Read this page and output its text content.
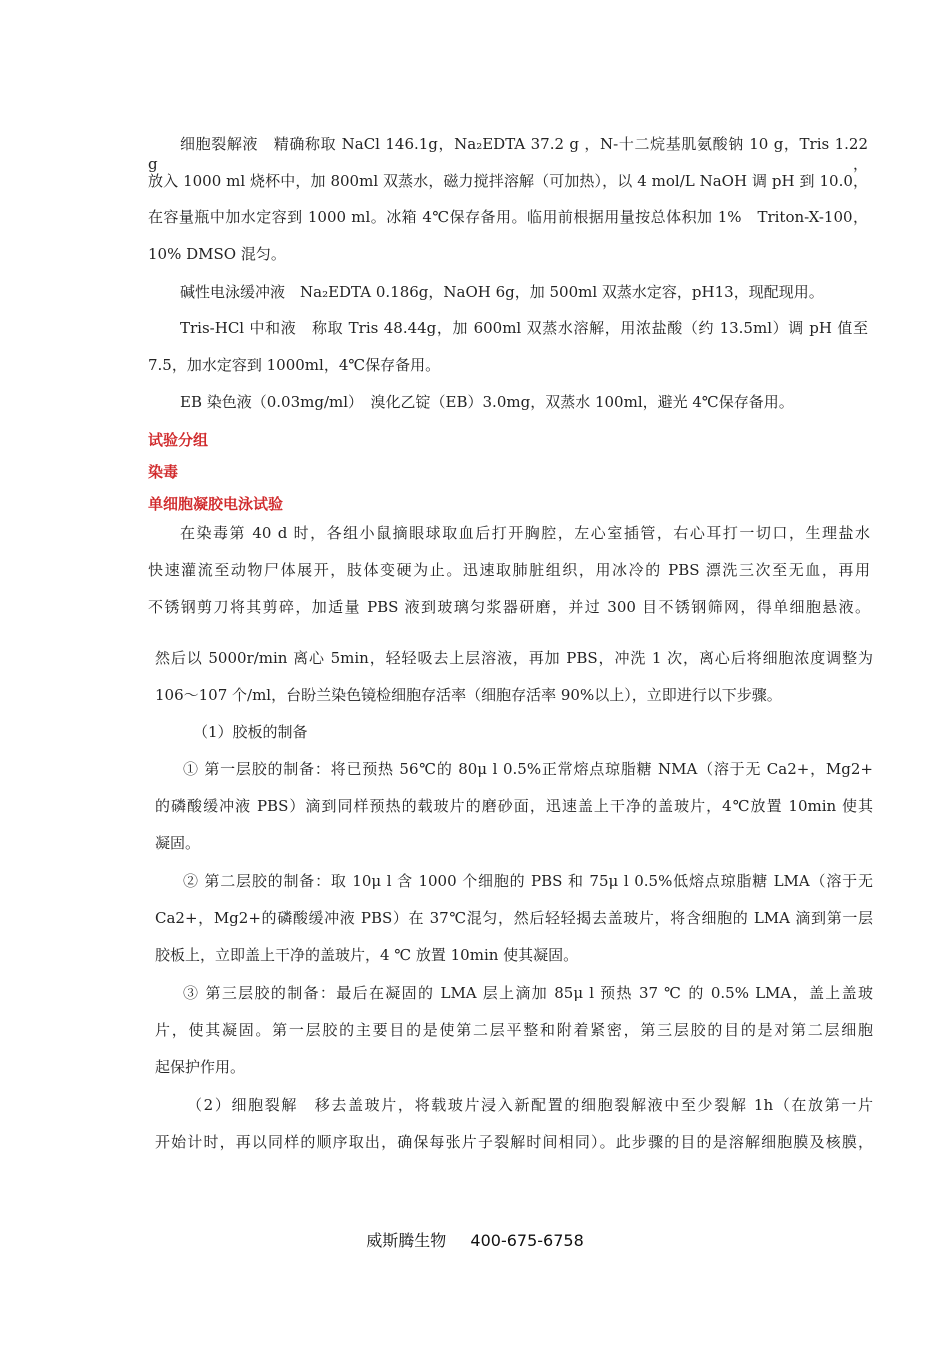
细胞裂解液　精确称取 NaCl 146.1g，Na₂EDTA 37.2 g ，N-十二烷基肌氨酸钠 10 g，Tris 1.22 g，
放入 1000 ml 烧杯中，加 800ml 双蒸水，磁力搅拌溶解（可加热），以 4 mol/L NaOH 调 pH 到 10.0，
在容量瓶中加水定容到 1000 ml。冰箱 4℃保存备用。临用前根据用量按总体积加 1%　Triton-X-100，
10% DMSO 混匀。
碱性电泳缓冲液　Na₂EDTA 0.186g，NaOH 6g，加 500ml 双蒸水定容，pH13，现配现用。
Tris-HCl 中和液　称取 Tris 48.44g，加 600ml 双蒸水溶解，用浓盐酸（约 13.5ml）调 pH 值至
7.5，加水定容到 1000ml，4℃保存备用。
EB 染色液（0.03mg/ml）　溴化乙锭（EB）3.0mg，双蒸水 100ml，避光 4℃保存备用。
试验分组
染毒
单细胞凝胶电泳试验
在染毒第 40 d 时，各组小鼠摘眼球取血后打开胸腔，左心室插管，右心耳打一切口，生理盐水
快速灌流至动物尸体展开，肢体变硬为止。迅速取肺脏组织，用冰冷的 PBS 漂洗三次至无血，再用
不锈钢剪刀将其剪碎，加适量 PBS 液到玻璃匀浆器研磨，并过 300 目不锈钢筛网，得单细胞悬液。
然后以 5000r/min 离心 5min，轻轻吸去上层溶液，再加 PBS，冲洗 1 次，离心后将细胞浓度调整为
106～107 个/ml，台盼兰染色镜检细胞存活率（细胞存活率 90%以上），立即进行以下步骤。
（1）胶板的制备
① 第一层胶的制备：将已预热 56℃的 80μ l 0.5%正常熔点琼脂糖 NMA（溶于无 Ca2+，Mg2+
的磷酸缓冲液 PBS）滴到同样预热的载玻片的磨砂面，迅速盖上干净的盖玻片，4℃放置 10min 使其
凝固。
② 第二层胶的制备：取 10μ l 含 1000 个细胞的 PBS 和 75μ l 0.5%低熔点琼脂糖 LMA（溶于无
Ca2+，Mg2+的磷酸缓冲液 PBS）在 37℃混匀，然后轻轻揭去盖玻片，将含细胞的 LMA 滴到第一层
胶板上，立即盖上干净的盖玻片，4 ℃ 放置 10min 使其凝固。
③ 第三层胶的制备：最后在凝固的 LMA 层上滴加 85μ l 预热 37 ℃ 的 0.5% LMA，盖上盖玻
片，使其凝固。第一层胶的主要目的是使第二层平整和附着紧密，第三层胶的目的是对第二层细胞
起保护作用。
（2）细胞裂解　移去盖玻片，将载玻片浸入新配置的细胞裂解液中至少裂解 1h（在放第一片
开始计时，再以同样的顺序取出，确保每张片子裂解时间相同）。此步骤的目的是溶解细胞膜及核膜，
威斯腾生物 400-675-6758
